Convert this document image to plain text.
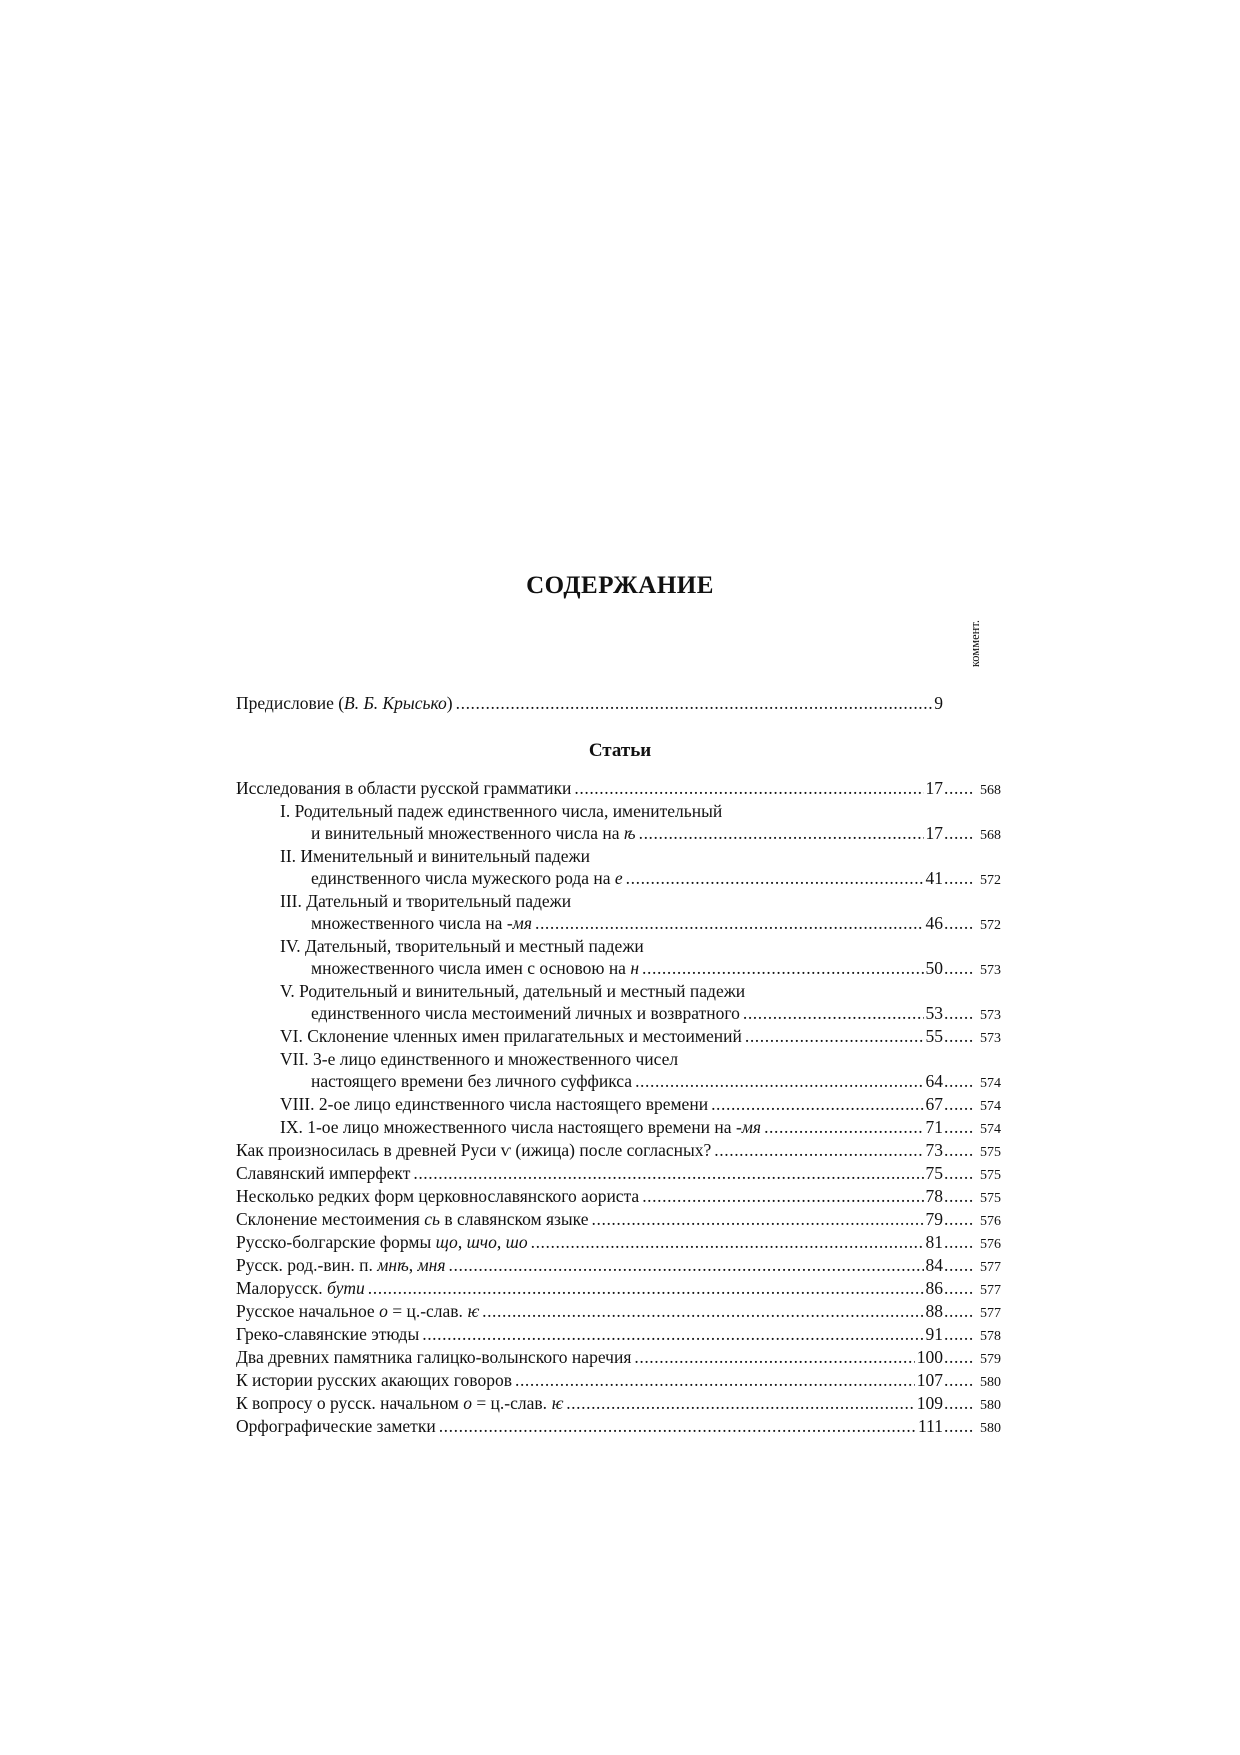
СОДЕРЖАНИЕ
коммент.
Предисловие (В. Б. Крысько) .....	9
Статьи
Исследования в области русской грамматики .....	17 .....	568
I. Родительный падеж единственного числа, именительный
и винительный множественного числа на ѣ .....	17 .....	568
II. Именительный и винительный падежи
единственного числа мужеского рода на е .....	41 .....	572
III. Дательный и творительный падежи
множественного числа на -мя .....	46 .....	572
IV. Дательный, творительный и местный падежи
множественного числа имен с основою на н .....	50 .....	573
V. Родительный и винительный, дательный и местный падежи
единственного числа местоимений личных и возвратного .....	53 .....	573
VI. Склонение членных имен прилагательных и местоимений .....	55 .....	573
VII. 3-е лицо единственного и множественного чисел
настоящего времени без личного суффикса .....	64 .....	574
VIII. 2-ое лицо единственного числа настоящего времени .....	67 .....	574
IX. 1-ое лицо множественного числа настоящего времени на -мя .....	71 .....	574
Как произносилась в древней Руси ѵ (ижица) после согласных? .....	73 .....	575
Славянский имперфект .....	75 .....	575
Несколько редких форм церковнославянского аориста .....	78 .....	575
Склонение местоимения сь в славянском языке .....	79 .....	576
Русско-болгарские формы що, шчо, шо .....	81 .....	576
Русск. род.-вин. п. мнѣ, мня .....	84 .....	577
Малорусск. бути .....	86 .....	577
Русское начальное о = ц.-слав. ѥ .....	88 .....	577
Греко-славянские этюды .....	91 .....	578
Два древних памятника галицко-волынского наречия .....	100 .....	579
К истории русских акающих говоров .....	107 .....	580
К вопросу о русск. начальном о = ц.-слав. ѥ .....	109 .....	580
Орфографические заметки .....	111 .....	580
